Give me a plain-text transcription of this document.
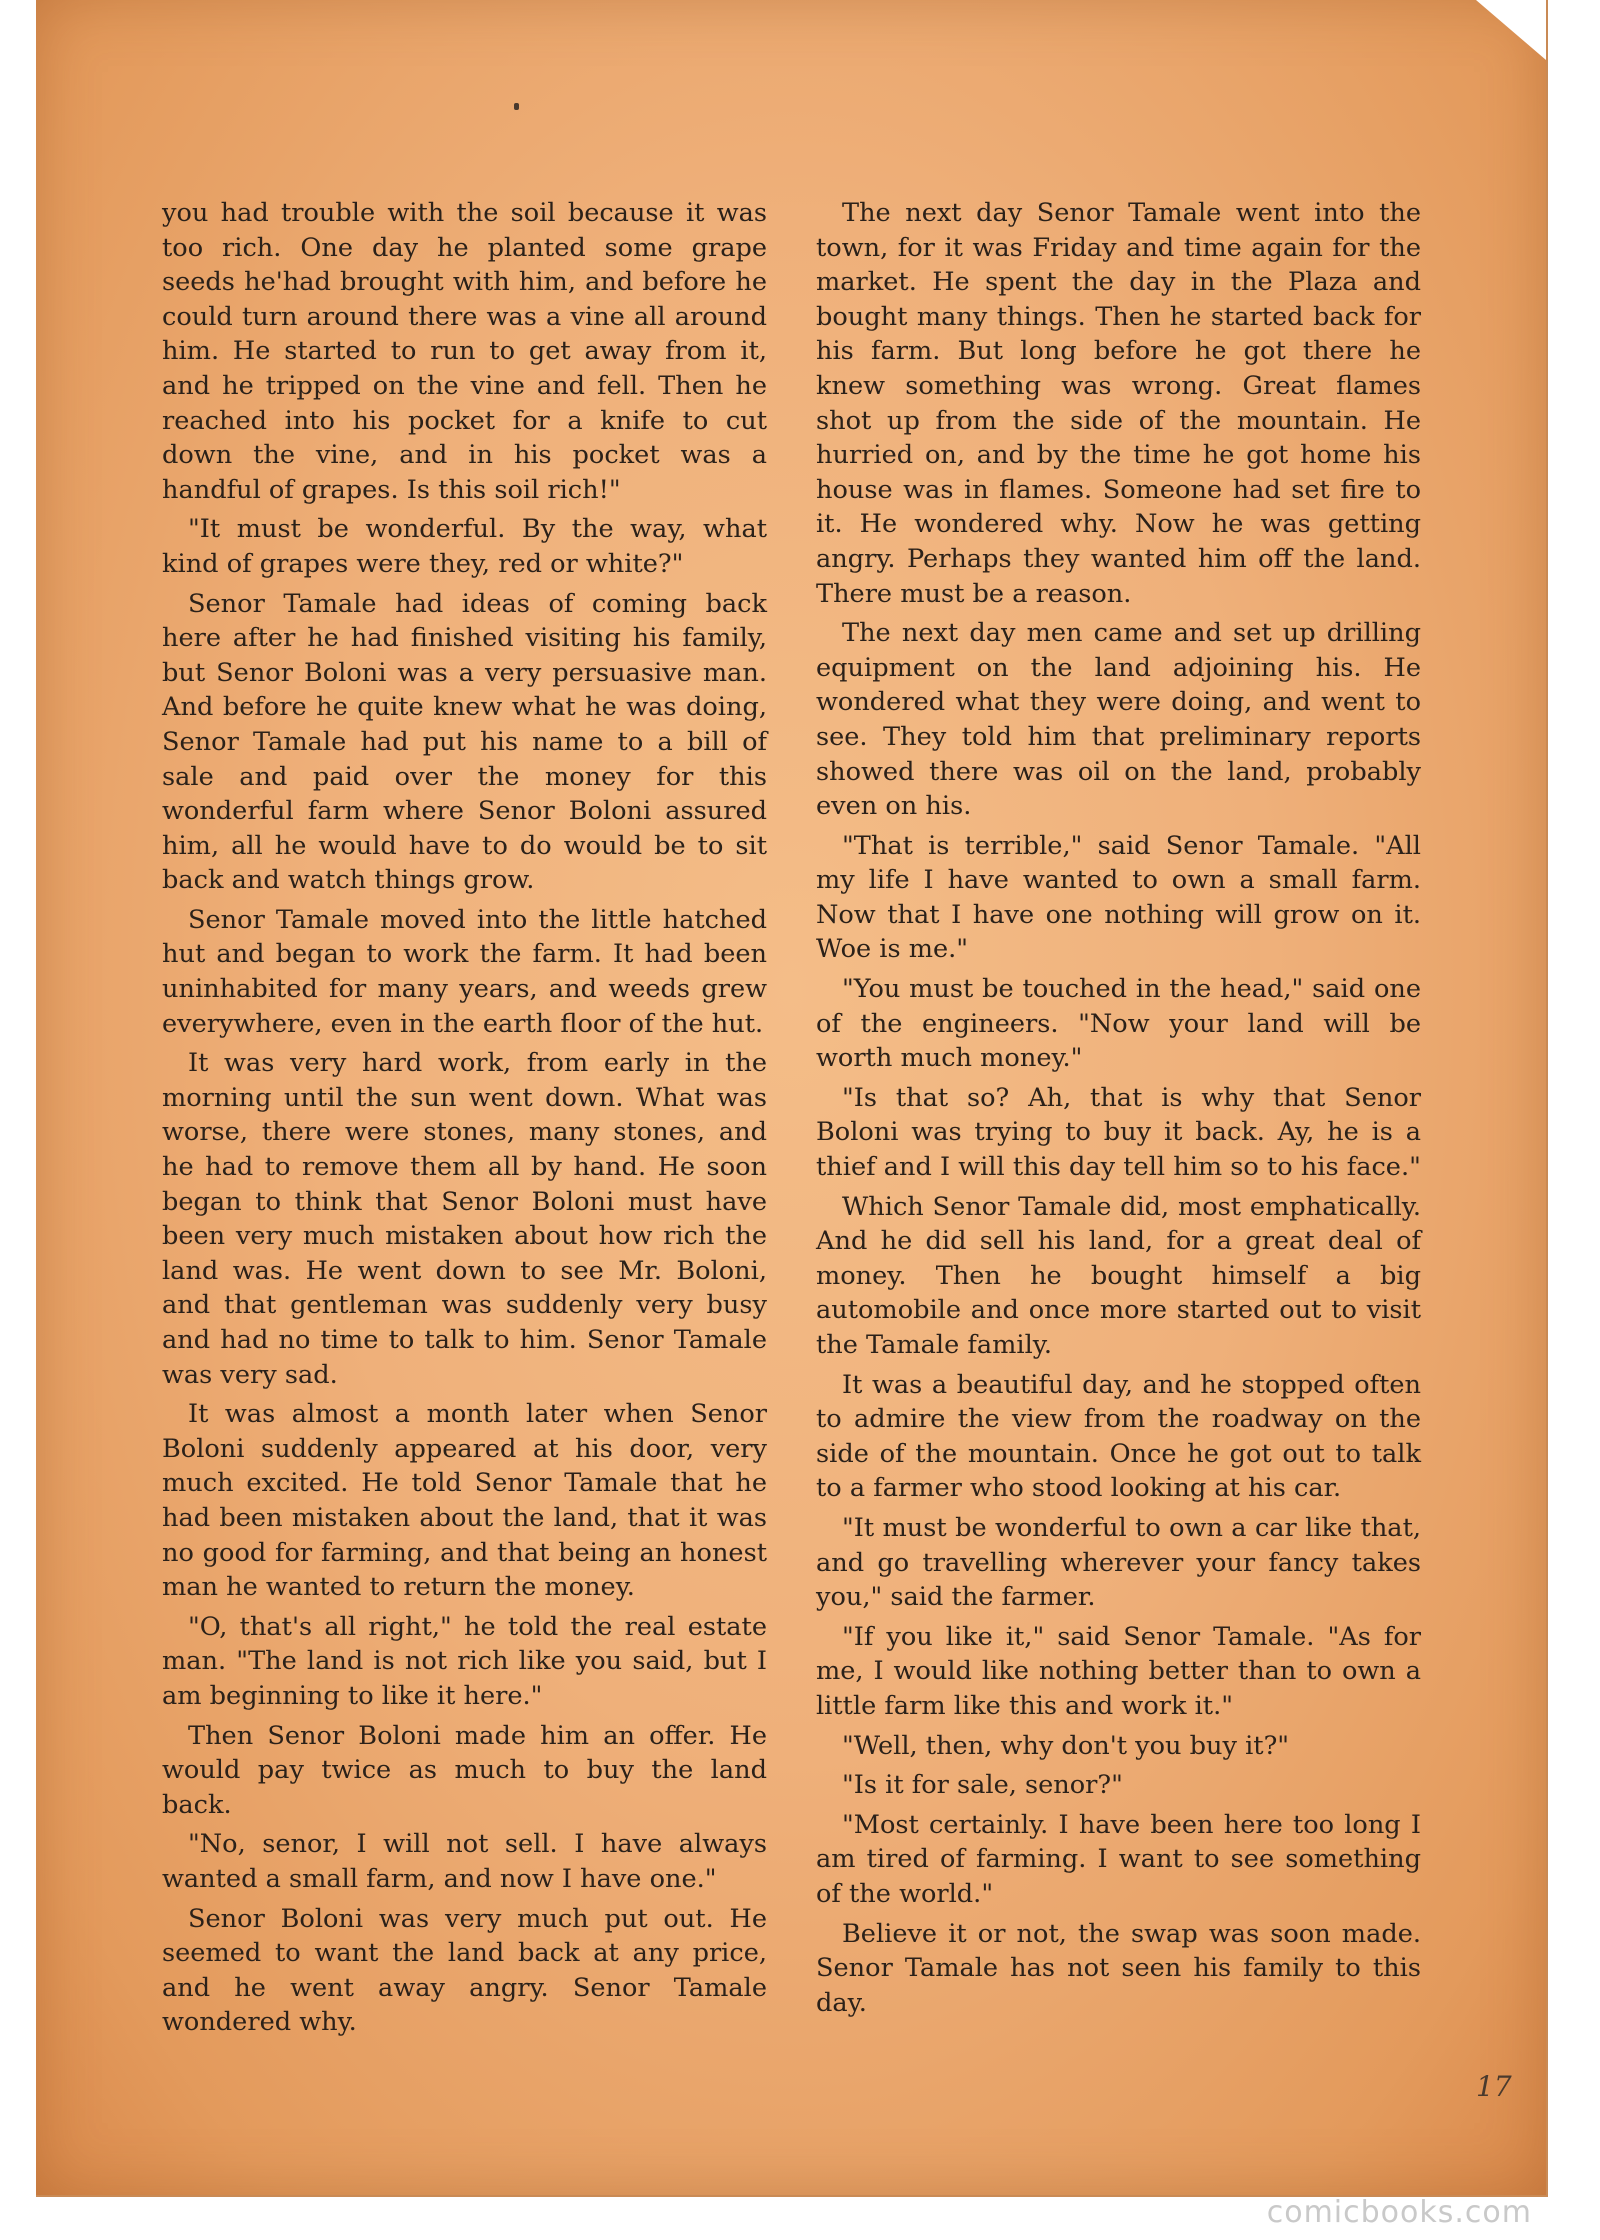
you had trouble with the soil because it was too rich. One day he planted some grape seeds he'had brought with him, and before he could turn around there was a vine all around him. He started to run to get away from it, and he tripped on the vine and fell. Then he reached into his pocket for a knife to cut down the vine, and in his pocket was a handful of grapes. Is this soil rich!"

"It must be wonderful. By the way, what kind of grapes were they, red or white?"

Senor Tamale had ideas of coming back here after he had finished visiting his family, but Senor Boloni was a very persuasive man. And before he quite knew what he was doing, Senor Tamale had put his name to a bill of sale and paid over the money for this wonderful farm where Senor Boloni assured him, all he would have to do would be to sit back and watch things grow.

Senor Tamale moved into the little hatched hut and began to work the farm. It had been uninhabited for many years, and weeds grew everywhere, even in the earth floor of the hut.

It was very hard work, from early in the morning until the sun went down. What was worse, there were stones, many stones, and he had to remove them all by hand. He soon began to think that Senor Boloni must have been very much mistaken about how rich the land was. He went down to see Mr. Boloni, and that gentleman was suddenly very busy and had no time to talk to him. Senor Tamale was very sad.

It was almost a month later when Senor Boloni suddenly appeared at his door, very much excited. He told Senor Tamale that he had been mistaken about the land, that it was no good for farming, and that being an honest man he wanted to return the money.

"O, that's all right," he told the real estate man. "The land is not rich like you said, but I am beginning to like it here."

Then Senor Boloni made him an offer. He would pay twice as much to buy the land back.

"No, senor, I will not sell. I have always wanted a small farm, and now I have one."

Senor Boloni was very much put out. He seemed to want the land back at any price, and he went away angry. Senor Tamale wondered why.

The next day Senor Tamale went into the town, for it was Friday and time again for the market. He spent the day in the Plaza and bought many things. Then he started back for his farm. But long before he got there he knew something was wrong. Great flames shot up from the side of the mountain. He hurried on, and by the time he got home his house was in flames. Someone had set fire to it. He wondered why. Now he was getting angry. Perhaps they wanted him off the land. There must be a reason.

The next day men came and set up drilling equipment on the land adjoining his. He wondered what they were doing, and went to see. They told him that preliminary reports showed there was oil on the land, probably even on his.

"That is terrible," said Senor Tamale. "All my life I have wanted to own a small farm. Now that I have one nothing will grow on it. Woe is me."

"You must be touched in the head," said one of the engineers. "Now your land will be worth much money."

"Is that so? Ah, that is why that Senor Boloni was trying to buy it back. Ay, he is a thief and I will this day tell him so to his face."

Which Senor Tamale did, most emphatically. And he did sell his land, for a great deal of money. Then he bought himself a big automobile and once more started out to visit the Tamale family.

It was a beautiful day, and he stopped often to admire the view from the roadway on the side of the mountain. Once he got out to talk to a farmer who stood looking at his car.

"It must be wonderful to own a car like that, and go travelling wherever your fancy takes you," said the farmer.

"If you like it," said Senor Tamale. "As for me, I would like nothing better than to own a little farm like this and work it."

"Well, then, why don't you buy it?"

"Is it for sale, senor?"

"Most certainly. I have been here too long I am tired of farming. I want to see something of the world."

Believe it or not, the swap was soon made. Senor Tamale has not seen his family to this day.

17
comicbooks.com
